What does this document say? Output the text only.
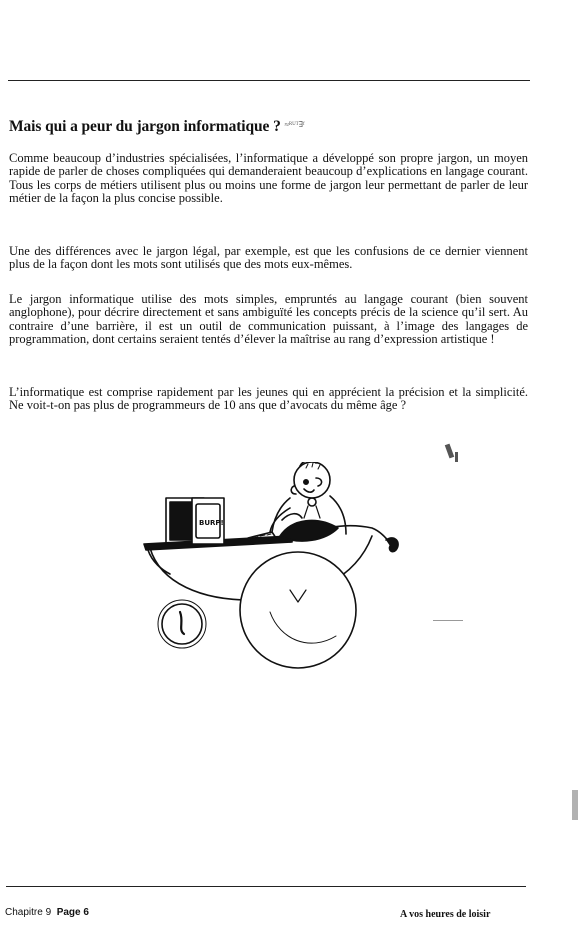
Mais qui a peur du jargon informatique ? $^{\approx ᴿᵁᵀ\exists ᶠ}$

Comme beaucoup d’industries spécialisées, l’informatique a développé son propre jargon, un moyen rapide de parler de choses compliquées qui demanderaient beaucoup d’explications en langage courant. Tous les corps de métiers utilisent plus ou moins une forme de jargon leur permettant de parler de leur métier de la façon la plus concise possible.

Une des différences avec le jargon légal, par exemple, est que les confusions de ce dernier viennent plus de la façon dont les mots sont utilisés que des mots eux-mêmes.

Le jargon informatique utilise des mots simples, empruntés au langage courant (bien souvent anglophone), pour décrire directement et sans ambiguïté les concepts précis de la science qu’il sert. Au contraire d’une barrière, il est un outil de communication puissant, à l’image des langages de programmation, dont certains seraient tentés d’élever la maîtrise au rang d’expression artistique !

L’informatique est comprise rapidement par les jeunes qui en apprécient la précision et la simplicité. Ne voit-t-on pas plus de programmeurs de 10 ans que d’avocats du même âge ?

BURP!
Chapitre 9 Page 6	A vos heures de loisir
